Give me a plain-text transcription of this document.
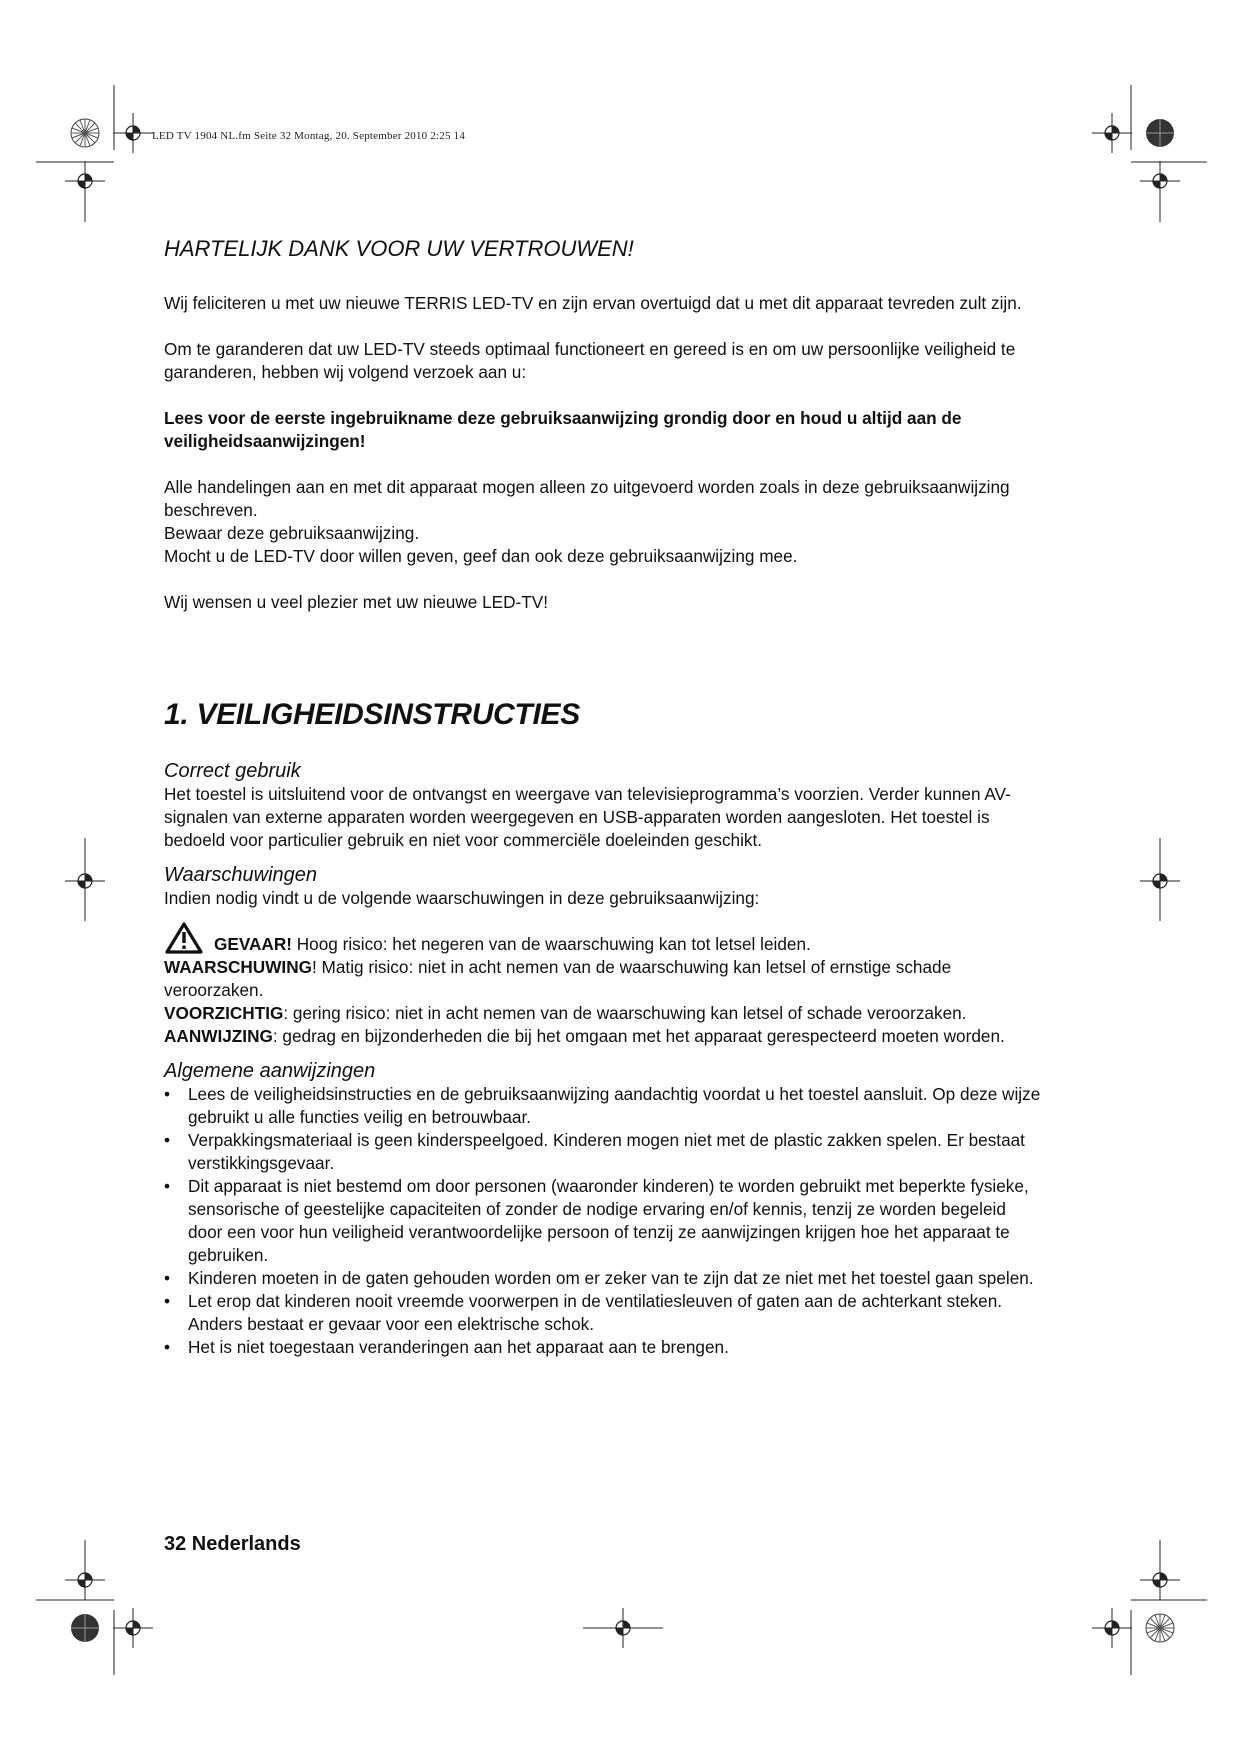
LED TV 1904 NL.fm Seite 32 Montag, 20. September 2010 2:25 14
HARTELIJK DANK VOOR UW VERTROUWEN!

Wij feliciteren u met uw nieuwe TERRIS LED-TV en zijn ervan overtuigd dat u met dit apparaat tevreden zult zijn.

Om te garanderen dat uw LED-TV steeds optimaal functioneert en gereed is en om uw persoonlijke veiligheid te garanderen, hebben wij volgend verzoek aan u:

Lees voor de eerste ingebruikname deze gebruiksaanwijzing grondig door en houd u altijd aan de veiligheidsaanwijzingen!

Alle handelingen aan en met dit apparaat mogen alleen zo uitgevoerd worden zoals in deze gebruiksaanwijzing beschreven.

Bewaar deze gebruiksaanwijzing.

Mocht u de LED-TV door willen geven, geef dan ook deze gebruiksaanwijzing mee.

Wij wensen u veel plezier met uw nieuwe LED-TV!

1. VEILIGHEIDSINSTRUCTIES
Correct gebruik

Het toestel is uitsluitend voor de ontvangst en weergave van televisieprogramma’s voorzien. Verder kunnen AV-signalen van externe apparaten worden weergegeven en USB-apparaten worden aangesloten. Het toestel is bedoeld voor particulier gebruik en niet voor commerciële doeleinden geschikt.

Waarschuwingen

Indien nodig vindt u de volgende waarschuwingen in deze gebruiksaanwijzing:

GEVAAR! Hoog risico: het negeren van de waarschuwing kan tot letsel leiden.

WAARSCHUWING! Matig risico: niet in acht nemen van de waarschuwing kan letsel of ernstige schade veroorzaken.

VOORZICHTIG: gering risico: niet in acht nemen van de waarschuwing kan letsel of schade veroorzaken.

AANWIJZING: gedrag en bijzonderheden die bij het omgaan met het apparaat gerespecteerd moeten worden.

Algemene aanwijzingen
• Lees de veiligheidsinstructies en de gebruiksaanwijzing aandachtig voordat u het toestel aansluit. Op deze wijze gebruikt u alle functies veilig en betrouwbaar.
• Verpakkingsmateriaal is geen kinderspeelgoed. Kinderen mogen niet met de plastic zakken spelen. Er bestaat verstikkingsgevaar.
• Dit apparaat is niet bestemd om door personen (waaronder kinderen) te worden gebruikt met beperkte fysieke, sensorische of geestelijke capaciteiten of zonder de nodige ervaring en/of kennis, tenzij ze worden begeleid door een voor hun veiligheid verantwoordelijke persoon of tenzij ze aanwijzingen krijgen hoe het apparaat te gebruiken.
• Kinderen moeten in de gaten gehouden worden om er zeker van te zijn dat ze niet met het toestel gaan spelen.
• Let erop dat kinderen nooit vreemde voorwerpen in de ventilatiesleuven of gaten aan de achterkant steken. Anders bestaat er gevaar voor een elektrische schok.
• Het is niet toegestaan veranderingen aan het apparaat aan te brengen.
32 Nederlands
